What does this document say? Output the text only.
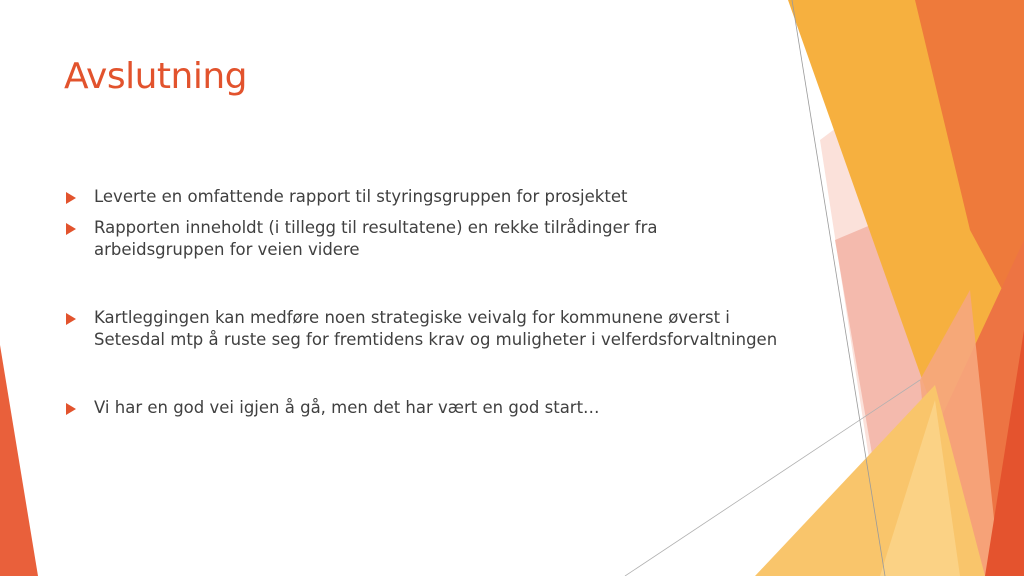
Avslutning
Leverte en omfattende rapport til styringsgruppen for prosjektet
Rapporten inneholdt (i tillegg til resultatene) en rekke tilrådinger fra arbeidsgruppen for veien videre
Kartleggingen kan medføre noen strategiske veivalg for kommunene øverst i Setesdal mtp å ruste seg for fremtidens krav og muligheter i velferdsforvaltningen
Vi har en god vei igjen å gå, men det har vært en god start…
